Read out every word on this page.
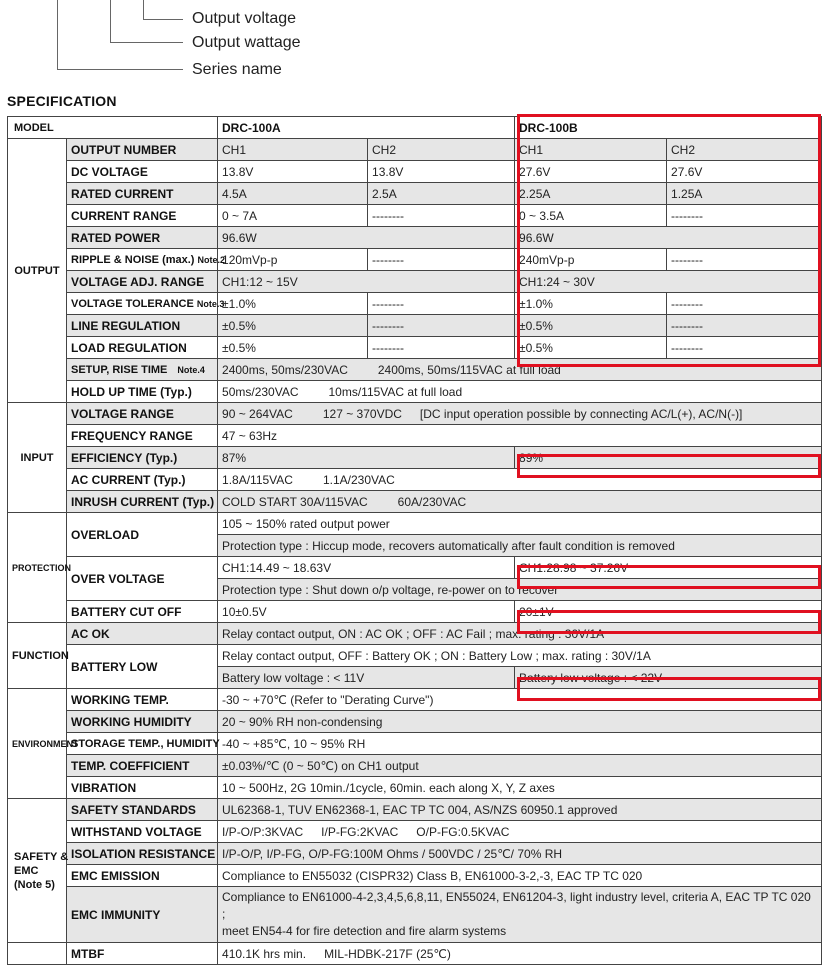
Output voltage
Output wattage
Series name
SPECIFICATION
MODEL		DRC-100A		DRC-100B	
OUTPUT	OUTPUT NUMBER	CH1	CH2	CH1	CH2
	DC VOLTAGE	13.8V	13.8V	27.6V	27.6V
	RATED CURRENT	4.5A	2.5A	2.25A	1.25A
	CURRENT RANGE	0 ~ 7A	--------	0 ~ 3.5A	--------
	RATED POWER	96.6W		96.6W	
	RIPPLE & NOISE (max.) Note.2	120mVp-p	--------	240mVp-p	--------
	VOLTAGE ADJ. RANGE	CH1:12 ~ 15V		CH1:24 ~ 30V	
	VOLTAGE TOLERANCE Note.3	±1.0%	--------	±1.0%	--------
	LINE REGULATION	±0.5%	--------	±0.5%	--------
	LOAD REGULATION	±0.5%	--------	±0.5%	--------
	SETUP, RISE TIME Note.4	2400ms, 50ms/230VAC 2400ms, 50ms/115VAC at full load			
	HOLD UP TIME (Typ.)	50ms/230VAC 10ms/115VAC at full load			
INPUT	VOLTAGE RANGE	90 ~ 264VAC 127 ~ 370VDC [DC input operation possible by connecting AC/L(+), AC/N(-)]			
	FREQUENCY RANGE	47 ~ 63Hz			
	EFFICIENCY (Typ.)	87%		89%	
	AC CURRENT (Typ.)	1.8A/115VAC 1.1A/230VAC			
	INRUSH CURRENT (Typ.)	COLD START 30A/115VAC 60A/230VAC			
PROTECTION	OVERLOAD	105 ~ 150% rated output power			
		Protection type : Hiccup mode, recovers automatically after fault condition is removed			
	OVER VOLTAGE	CH1:14.49 ~ 18.63V		CH1:28.98 ~ 37.26V	
		Protection type : Shut down o/p voltage, re-power on to recover			
	BATTERY CUT OFF	10±0.5V		20±1V	
FUNCTION	AC OK	Relay contact output, ON : AC OK ; OFF : AC Fail ; max. rating : 30V/1A			
	BATTERY LOW	Relay contact output, OFF : Battery OK ; ON : Battery Low ; max. rating : 30V/1A			
		Battery low voltage : < 11V		Battery low voltage : < 22V	
ENVIRONMENT	WORKING TEMP.	-30 ~ +70℃ (Refer to "Derating Curve")			
	WORKING HUMIDITY	20 ~ 90% RH non-condensing			
	STORAGE TEMP., HUMIDITY	-40 ~ +85℃, 10 ~ 95% RH			
	TEMP. COEFFICIENT	±0.03%/℃ (0 ~ 50℃) on CH1 output			
	VIBRATION	10 ~ 500Hz, 2G 10min./1cycle, 60min. each along X, Y, Z axes			
SAFETY &
EMC
(Note 5)	SAFETY STANDARDS	UL62368-1, TUV EN62368-1, EAC TP TC 004, AS/NZS 60950.1 approved			
	WITHSTAND VOLTAGE	I/P-O/P:3KVAC I/P-FG:2KVAC O/P-FG:0.5KVAC			
	ISOLATION RESISTANCE	I/P-O/P, I/P-FG, O/P-FG:100M Ohms / 500VDC / 25℃/ 70% RH			
	EMC EMISSION	Compliance to EN55032 (CISPR32) Class B, EN61000-3-2,-3, EAC TP TC 020			
	EMC IMMUNITY	Compliance to EN61000-4-2,3,4,5,6,8,11, EN55024, EN61204-3, light industry level, criteria A, EAC TP TC 020 ;
meet EN54-4 for fire detection and fire alarm systems			
	MTBF	410.1K hrs min. MIL-HDBK-217F (25℃)			
